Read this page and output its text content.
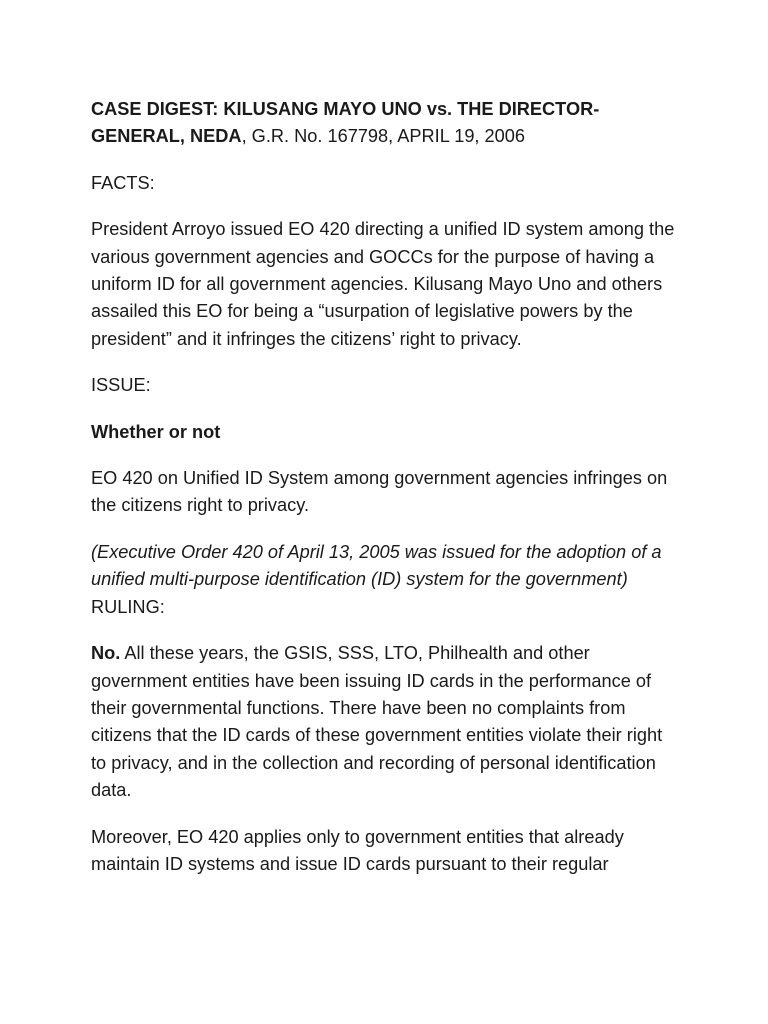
CASE DIGEST: KILUSANG MAYO UNO vs. THE DIRECTOR-GENERAL, NEDA, G.R. No. 167798, APRIL 19, 2006

FACTS:

President Arroyo issued EO 420 directing a unified ID system among the various government agencies and GOCCs for the purpose of having a uniform ID for all government agencies. Kilusang Mayo Uno and others assailed this EO for being a “usurpation of legislative powers by the president” and it infringes the citizens’ right to privacy.

ISSUE:

Whether or not

EO 420 on Unified ID System among government agencies infringes on the citizens right to privacy.

(Executive Order 420 of April 13, 2005 was issued for the adoption of a unified multi-purpose identification (ID) system for the government)

RULING:

No. All these years, the GSIS, SSS, LTO, Philhealth and other government entities have been issuing ID cards in the performance of their governmental functions. There have been no complaints from citizens that the ID cards of these government entities violate their right to privacy, and in the collection and recording of personal identification data.

Moreover, EO 420 applies only to government entities that already maintain ID systems and issue ID cards pursuant to their regular
